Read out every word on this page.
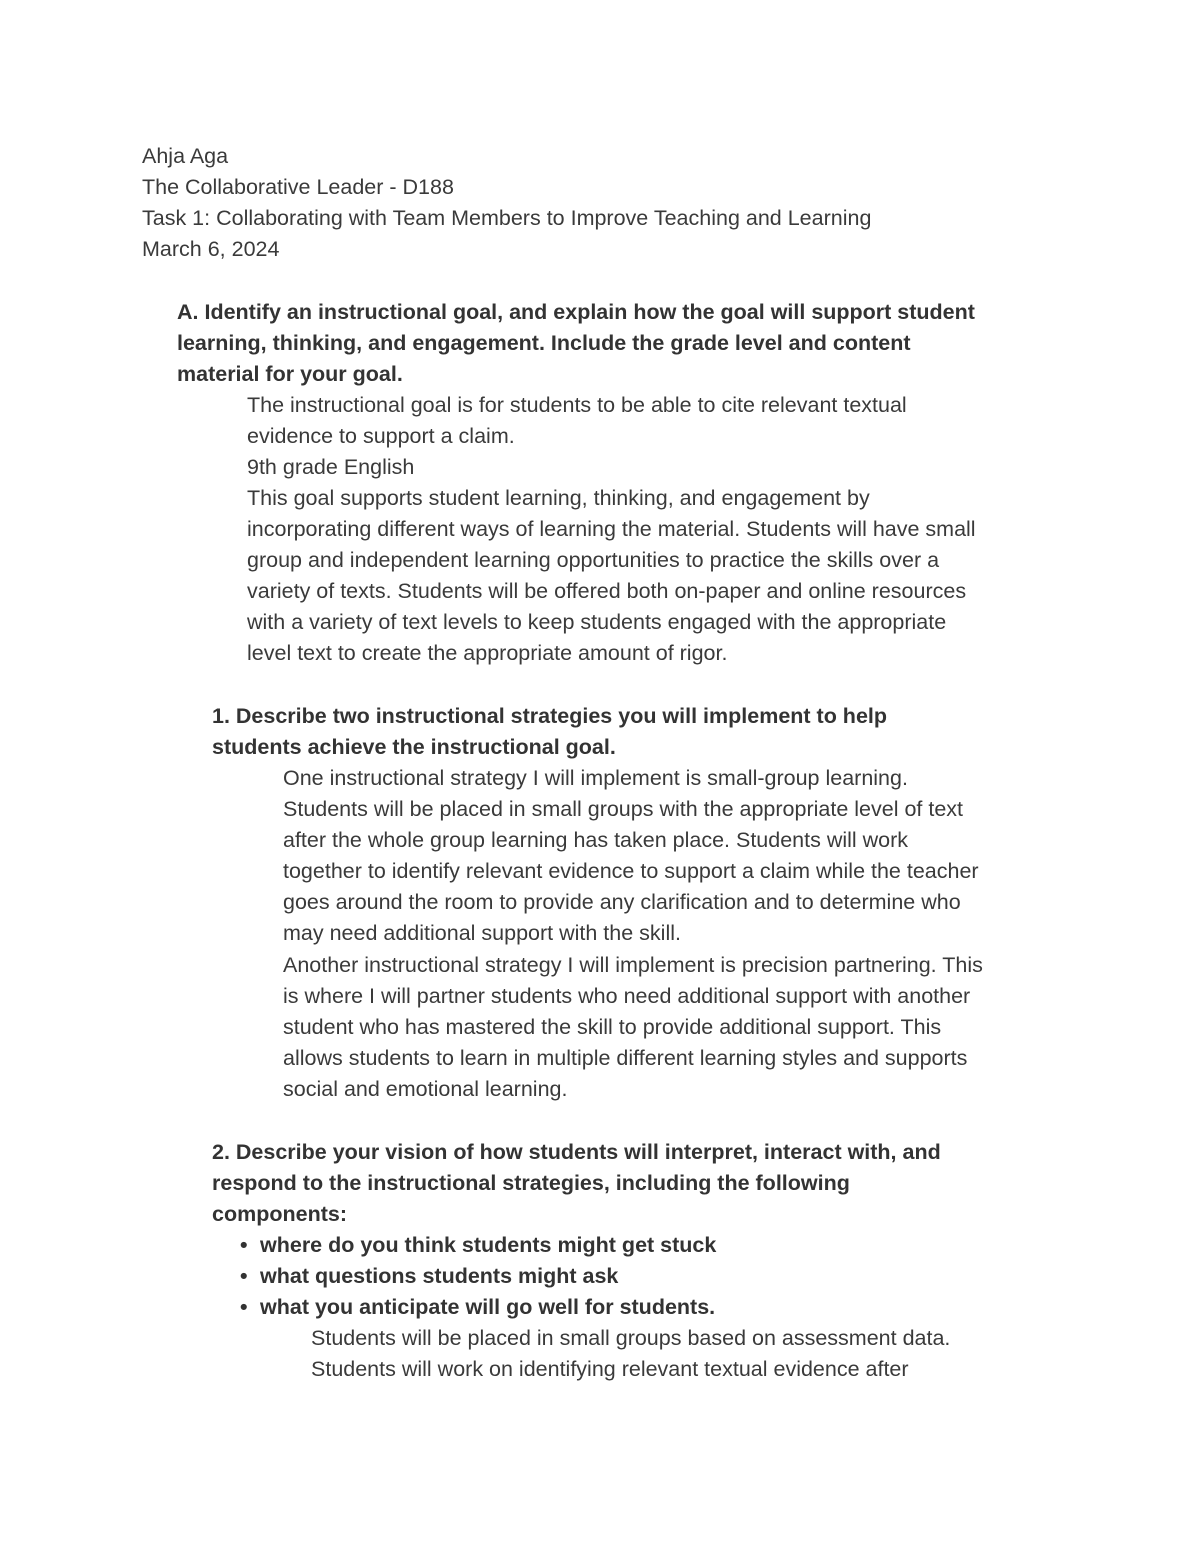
Ahja Aga
The Collaborative Leader - D188
Task 1: Collaborating with Team Members to Improve Teaching and Learning
March 6, 2024
A. Identify an instructional goal, and explain how the goal will support student
learning, thinking, and engagement. Include the grade level and content
material for your goal.
The instructional goal is for students to be able to cite relevant textual
evidence to support a claim.
9th grade English
This goal supports student learning, thinking, and engagement by
incorporating different ways of learning the material. Students will have small
group and independent learning opportunities to practice the skills over a
variety of texts. Students will be offered both on-paper and online resources
with a variety of text levels to keep students engaged with the appropriate
level text to create the appropriate amount of rigor.
1. Describe two instructional strategies you will implement to help
students achieve the instructional goal.
One instructional strategy I will implement is small-group learning.
Students will be placed in small groups with the appropriate level of text
after the whole group learning has taken place. Students will work
together to identify relevant evidence to support a claim while the teacher
goes around the room to provide any clarification and to determine who
may need additional support with the skill.
Another instructional strategy I will implement is precision partnering. This
is where I will partner students who need additional support with another
student who has mastered the skill to provide additional support. This
allows students to learn in multiple different learning styles and supports
social and emotional learning.
2. Describe your vision of how students will interpret, interact with, and
respond to the instructional strategies, including the following
components:
• where do you think students might get stuck
• what questions students might ask
• what you anticipate will go well for students.
Students will be placed in small groups based on assessment data.
Students will work on identifying relevant textual evidence after
